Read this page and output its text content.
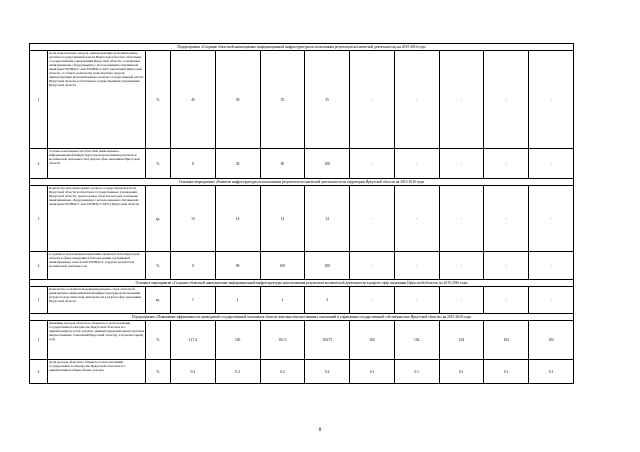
Подпрограмма «Создание областной навигационно-информационной инфраструктуры использования результатов космической деятельности» на 2015-2016 годы											
1	Доля транспортных средств, принадлежащих исполнительным органам государственной власти Иркутской области и областным государственным учреждениям Иркутской области, оснащенных навигационным оборудованием с использованием спутниковой навигации ГЛОНАСС или ГЛОНАСС/GPS территории Иркутской области, от общего количества транспортных средств, принадлежащих исполнительным органам государственной власти Иркутской области и областным государственным учреждениям Иркутской области	%	45	50	55	55	-	-	-	-	-
2	Степень наполненности областной навигационно-информационной инфраструктуры использования результатов космической деятельности в разрезе сфер экономики Иркутской области	%	0	45	50	100	-	-	-	-	-
Основное мероприятие «Развитие инфраструктуры использования результатов космической деятельности на территории Иркутской области на 2015-2016 годы											
1	Количество исполнительных органов государственной власти Иркутской области и областных государственных учреждений Иркутской области, транспортные средства которых оснащены навигационным оборудованием с использованием спутниковой навигации ГЛОНАСС или ГЛОНАСС/GPS в Иркутской области	ед.	13	14	14	14	-	-	-	-	-
2	Создание и актуализация нормативно-правовой базы Иркутской области в сфере внедрения и использования спутниковых навигационных технологий ГЛОНАСС и других результатов космической деятельности	%	0	90	100	100	-	-	-	-	-
Основное мероприятие «Создание областной навигационно-информационной инфраструктуры использования результатов космической деятельности в разрезе сфер экономики Иркутской области» на 2015-2016 годы											
1	Количество созданных/модернизированных слоев областной навигационно-информационной инфраструктуры использования результатов космической деятельности в разрезе сфер экономики Иркутской области	ед.	1	1	2	2	-	-	-	-	-
Подпрограмма «Повышение эффективности проводимой государственной политики в области земельно-имущественных отношений и управления государственной собственностью Иркутской области» на 2015-2020 годы											
1	Динамика доходов областного бюджета от использования государственного имущества Иркутской области и его приватизации (в части доходов, администрируемых министерством имущественных отношений Иркутской области), в прошлогоднему году	%	117.4	120	101.5	104.75	102	102	102	102	102
2	Доля доходов областного бюджета от использования государственного имущества Иркутской области и его приватизации в общем объеме доходов	%	0.2	0.2	0.2	0.2	0.1	0.1	0.1	0.1	0.1
8
